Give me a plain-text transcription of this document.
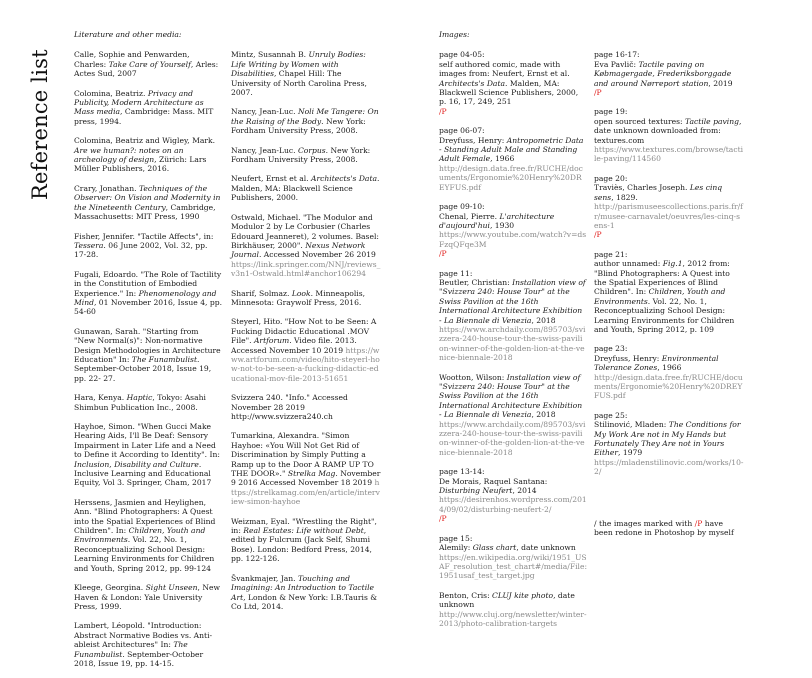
Reference list
Literature and other media:
Calle, Sophie and Penwarden, Charles: Take Care of Yourself, Arles: Actes Sud, 2007
Colomina, Beatriz. Privacy and Publicity, Modern Architecture as Mass media, Cambridge: Mass. MIT press, 1994.
Colomina, Beatriz and Wigley, Mark. Are we human?: notes on an archeology of design, Zürich: Lars Müller Publishers, 2016.
Crary, Jonathan. Techniques of the Observer: On Vision and Modernity in the Nineteenth Century, Cambridge, Massachusetts: MIT Press, 1990
Fisher, Jennifer. "Tactile Affects", in: Tessera. 06 June 2002, Vol. 32, pp. 17-28.
Fugali, Edoardo. "The Role of Tactility in the Constitution of Embodied Experience." In: Phenomenology and Mind, 01 November 2016, Issue 4, pp. 54-60
Gunawan, Sarah. "Starting from "New Normal(s)": Non-normative Design Methodologies in Architecture Education" In: The Funambulist. September-October 2018, Issue 19, pp. 22- 27.
Hara, Kenya. Haptic, Tokyo: Asahi Shimbun Publication Inc., 2008.
Hayhoe, Simon. "When Gucci Make Hearing Aids, I'll Be Deaf: Sensory Impairment in Later Life and a Need to Define it According to Identity". In: Inclusion, Disability and Culture. Inclusive Learning and Educational Equity, Vol 3. Springer, Cham, 2017
Herssens, Jasmien and Heylighen, Ann. "Blind Photographers: A Quest into the Spatial Experiences of Blind Children". In: Children, Youth and Environments. Vol. 22, No. 1, Reconceptualizing School Design: Learning Environments for Children and Youth, Spring 2012, pp. 99-124
Kleege, Georgina. Sight Unseen, New Haven & London: Yale University Press, 1999.
Lambert, Léopold. "Introduction: Abstract Normative Bodies vs. Anti-ableist Architectures" In: The Funambulist. September-October 2018, Issue 19, pp. 14-15.
Mintz, Susannah B. Unruly Bodies: Life Writing by Women with Disabilities, Chapel Hill: The University of North Carolina Press, 2007.
Nancy, Jean-Luc. Noli Me Tangere: On the Raising of the Body. New York: Fordham University Press, 2008.
Nancy, Jean-Luc. Corpus. New York: Fordham University Press, 2008.
Neufert, Ernst et al. Architects's Data. Malden, MA: Blackwell Science Publishers, 2000.
Ostwald, Michael. "The Modulor and Modulor 2 by Le Corbusier (Charles Edouard Jeanneret), 2 volumes. Basel: Birkhäuser, 2000". Nexus Network Journal. Accessed November 26 2019 https://link.springer.com/NNJ/reviews_v3n1-Ostwald.html#anchor106294
Sharif, Solmaz. Look. Minneapolis, Minnesota: Graywolf Press, 2016.
Steyerl, Hito. "How Not to be Seen: A Fucking Didactic Educational .MOV File". Artforum. Video file. 2013. Accessed November 10 2019 https://www.artforum.com/video/hito-steyerl-how-not-to-be-seen-a-fucking-didactic-educational-mov-file-2013-51651
Svizzera 240. "Info." Accessed November 28 2019 http://www.svizzera240.ch
Tumarkina, Alexandra. "Simon Hayhoe: «You Will Not Get Rid of Discrimination by Simply Putting a Ramp up to the Door A RAMP UP TO THE DOOR»." Strelka Mag. November 9 2016 Accessed November 18 2019 https://strelkamag.com/en/article/interview-simon-hayhoe
Weizman, Eyal. "Wrestling the Right", in: Real Estates: Life without Debt, edited by Fulcrum (Jack Self, Shumi Bose). London: Bedford Press, 2014, pp. 122-126.
Švankmajer, Jan. Touching and Imagining: An Introduction to Tactile Art, London & New York: I.B.Tauris & Co Ltd, 2014.
Images:
page 04-05:
self authored comic, made with images from: Neufert, Ernst et al. Architects's Data. Malden, MA: Blackwell Science Publishers, 2000, p. 16, 17, 249, 251
/P
page 06-07:
Dreyfuss, Henry: Antropometric Data - Standing Adult Male and Standing Adult Female, 1966
http://design.data.free.fr/RUCHE/documents/Ergonomie%20Henry%20DREYFUS.pdf
page 09-10:
Chenal, Pierre. L'architecture d'aujourd'hui, 1930
https://www.youtube.com/watch?v=dsFzqQFqe3M
/P
page 11:
Beutler, Christian: Installation view of "Svizzera 240: House Tour" at the Swiss Pavilion at the 16th International Architecture Exhibition - La Biennale di Venezia, 2018
https://www.archdaily.com/895703/svizzera-240-house-tour-the-swiss-pavilion-winner-of-the-golden-lion-at-the-venice-biennale-2018
Wootton, Wilson: Installation view of "Svizzera 240: House Tour" at the Swiss Pavilion at the 16th International Architecture Exhibition - La Biennale di Venezia, 2018
https://www.archdaily.com/895703/svizzera-240-house-tour-the-swiss-pavilion-winner-of-the-golden-lion-at-the-venice-biennale-2018
page 13-14:
De Morais, Raquel Santana: Disturbing Neufert, 2014
https://desirenhos.wordpress.com/2014/09/02/disturbing-neufert-2/
/P
page 15:
Alemily: Glass chart, date unknown
https://en.wikipedia.org/wiki/1951_USAF_resolution_test_chart#/media/File:1951usaf_test_target.jpg
Benton, Cris: CLUJ kite photo, date unknown
http://www.cluj.org/newsletter/winter-2013/photo-calibration-targets
page 16-17:
Eva Pavlič: Tactile paving on Købmagergade, Frederiksborggade and around Nørreport station, 2019
/P
page 19:
open sourced textures: Tactile paving, date unknown downloaded from: textures.com
https://www.textures.com/browse/tactile-paving/114560
page 20:
Traviès, Charles Joseph. Les cinq sens, 1829.
http://parismuseescollections.paris.fr/fr/musee-carnavalet/oeuvres/les-cinq-sens-1
/P
page 21:
author unnamed: Fig.1, 2012 from: "Blind Photographers: A Quest into the Spatial Experiences of Blind Children". In: Children, Youth and Environments. Vol. 22, No. 1, Reconceptualizing School Design: Learning Environments for Children and Youth, Spring 2012, p. 109
page 23:
Dreyfuss, Henry: Environmental Tolerance Zones, 1966
http://design.data.free.fr/RUCHE/documents/Ergonomie%20Henry%20DREYFUS.pdf
page 25:
Stilinović, Mladen: The Conditions for My Work Are not in My Hands but Fortunately They Are not in Yours Either, 1979
https://mladenstilinovic.com/works/10-2/
/ the images marked with /P have been redone in Photoshop by myself
